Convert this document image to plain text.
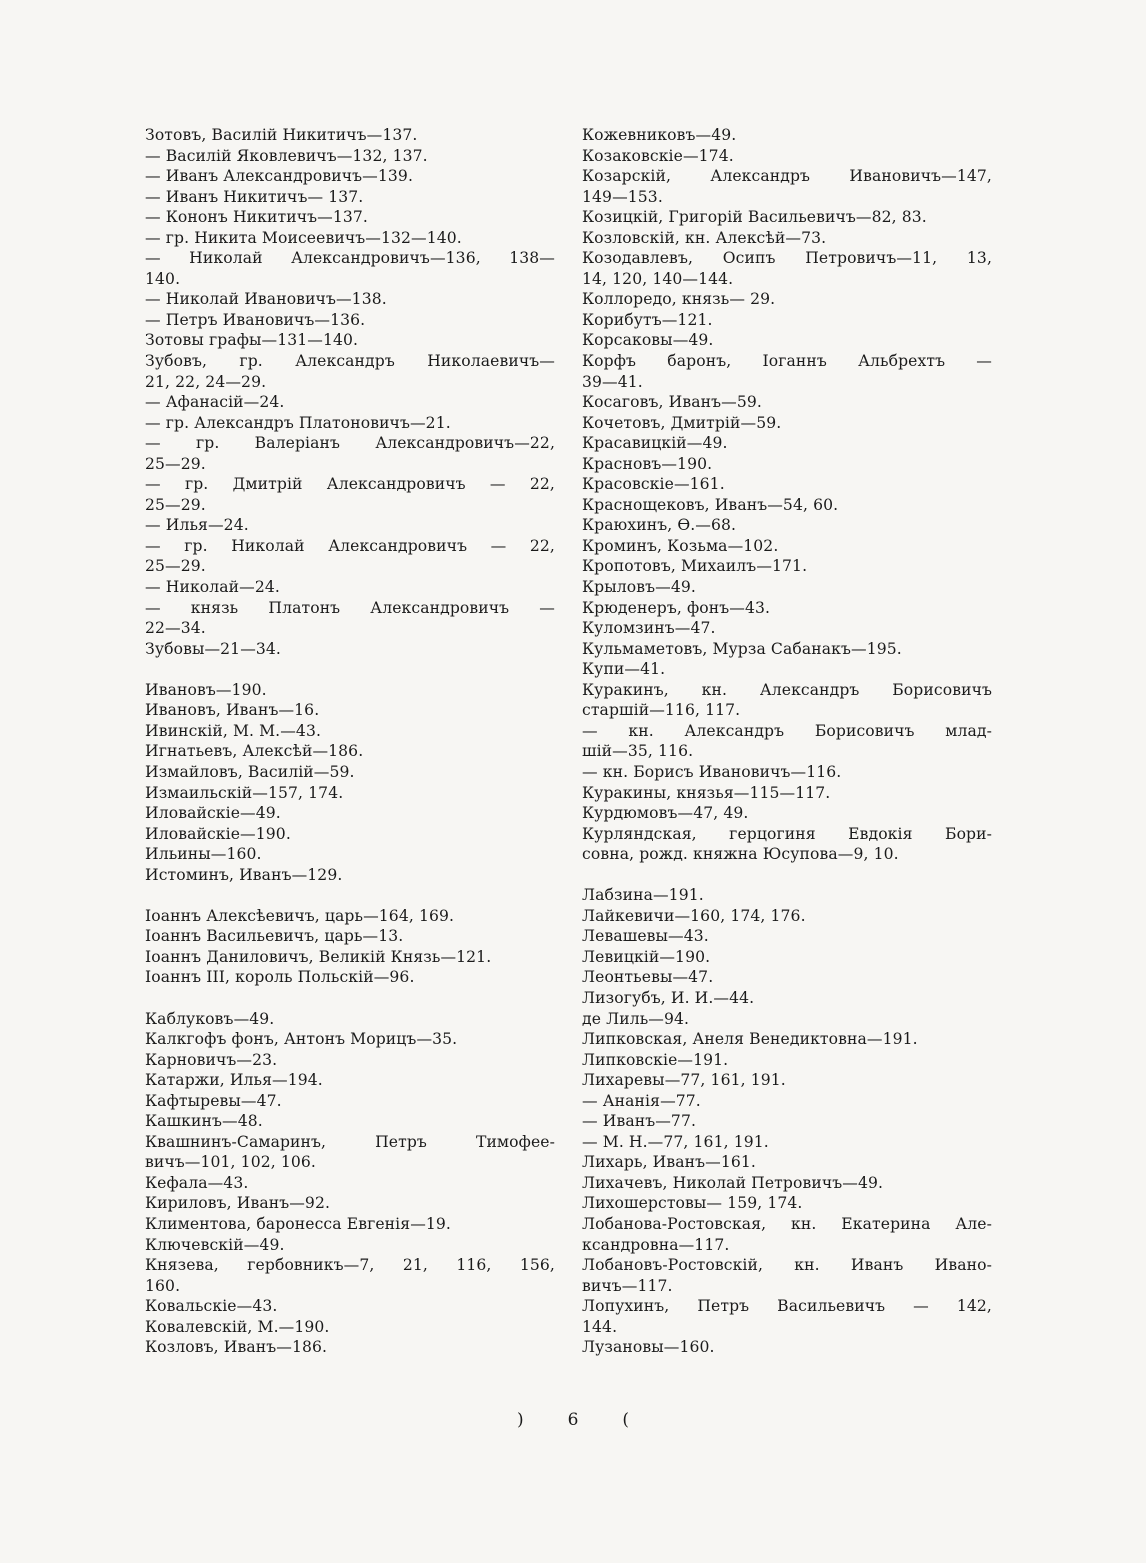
Зотовъ, Василій Никитичъ—137.
— Василій Яковлевичъ—132, 137.
— Иванъ Александровичъ—139.
— Иванъ Никитичъ— 137.
— Кононъ Никитичъ—137.
— гр. Никита Моисеевичъ—132—140.
— Николай Александровичъ—136, 138—
140.
— Николай Ивановичъ—138.
— Петръ Ивановичъ—136.
Зотовы графы—131—140.
Зубовъ, гр. Александръ Николаевичъ—
21, 22, 24—29.
— Афанасій—24.
— гр. Александръ Платоновичъ—21.
— гр. Валеріанъ Александровичъ—22,
25—29.
— гр. Дмитрій Александровичъ — 22,
25—29.
— Илья—24.
— гр. Николай Александровичъ — 22,
25—29.
— Николай—24.
— князь Платонъ Александровичъ —
22—34.
Зубовы—21—34.
Ивановъ—190.
Ивановъ, Иванъ—16.
Ивинскій, М. М.—43.
Игнатьевъ, Алексѣй—186.
Измайловъ, Василій—59.
Измаильскій—157, 174.
Иловайскіе—49.
Иловайскіе—190.
Ильины—160.
Истоминъ, Иванъ—129.
Іоаннъ Алексѣевичъ, царь—164, 169.
Іоаннъ Васильевичъ, царь—13.
Іоаннъ Даниловичъ, Великій Князь—121.
Іоаннъ III, король Польскій—96.
Каблуковъ—49.
Калкгофъ фонъ, Антонъ Морицъ—35.
Карновичъ—23.
Катаржи, Илья—194.
Кафтыревы—47.
Кашкинъ—48.
Квашнинъ-Самаринъ, Петръ Тимофее-
вичъ—101, 102, 106.
Кефала—43.
Кириловъ, Иванъ—92.
Климентова, баронесса Евгенія—19.
Ключевскій—49.
Князева, гербовникъ—7, 21, 116, 156,
160.
Ковальскіе—43.
Ковалевскій, М.—190.
Козловъ, Иванъ—186.
Кожевниковъ—49.
Козаковскіе—174.
Козарскій, Александръ Ивановичъ—147,
149—153.
Козицкій, Григорій Васильевичъ—82, 83.
Козловскій, кн. Алексѣй—73.
Козодавлевъ, Осипъ Петровичъ—11, 13,
14, 120, 140—144.
Коллоредо, князь— 29.
Корибутъ—121.
Корсаковы—49.
Корфъ баронъ, Іоганнъ Альбрехтъ —
39—41.
Косаговъ, Иванъ—59.
Кочетовъ, Дмитрій—59.
Красавицкій—49.
Красновъ—190.
Красовскіе—161.
Краснощековъ, Иванъ—54, 60.
Краюхинъ, Ѳ.—68.
Кроминъ, Козьма—102.
Кропотовъ, Михаилъ—171.
Крыловъ—49.
Крюденеръ, фонъ—43.
Куломзинъ—47.
Кульмаметовъ, Мурза Сабанакъ—195.
Купи—41.
Куракинъ, кн. Александръ Борисовичъ
старшій—116, 117.
— кн. Александръ Борисовичъ млад-
шій—35, 116.
— кн. Борисъ Ивановичъ—116.
Куракины, князья—115—117.
Курдюмовъ—47, 49.
Курляндская, герцогиня Евдокія Бори-
совна, рожд. княжна Юсупова—9, 10.
Лабзина—191.
Лайкевичи—160, 174, 176.
Левашевы—43.
Левицкій—190.
Леонтьевы—47.
Лизогубъ, И. И.—44.
де Лиль—94.
Липковская, Анеля Венедиктовна—191.
Липковскіе—191.
Лихаревы—77, 161, 191.
— Ананія—77.
— Иванъ—77.
— М. Н.—77, 161, 191.
Лихарь, Иванъ—161.
Лихачевъ, Николай Петровичъ—49.
Лихошерстовы— 159, 174.
Лобанова-Ростовская, кн. Екатерина Але-
ксандровна—117.
Лобановъ-Ростовскій, кн. Иванъ Ивано-
вичъ—117.
Лопухинъ, Петръ Васильевичъ — 142,
144.
Лузановы—160.
)	6	(
